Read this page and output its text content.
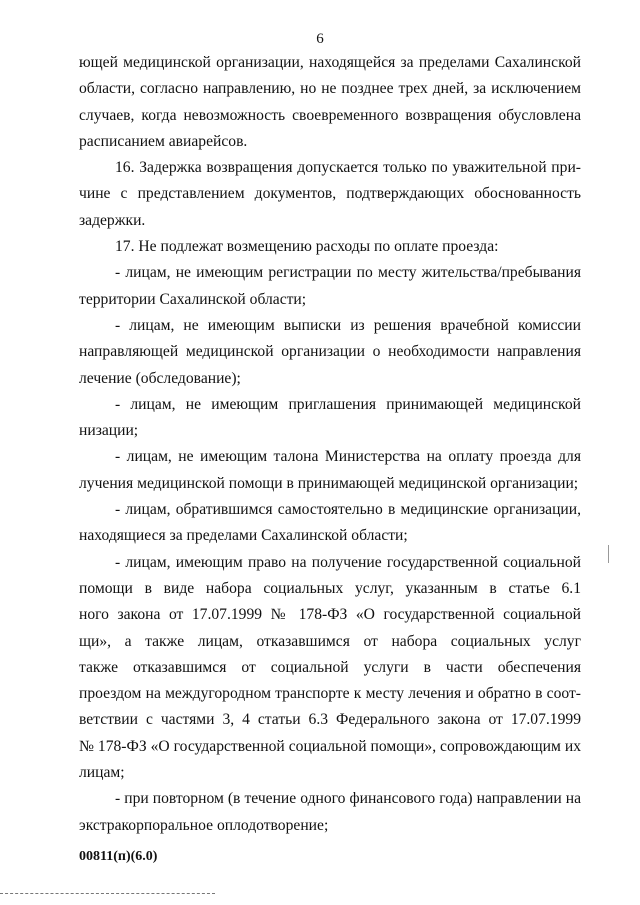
6
ющей медицинской организации, находящейся за пределами Сахалинской
области, согласно направлению, но не позднее трех дней, за исключением
случаев, когда невозможность своевременного возвращения обусловлена
расписанием авиарейсов.
16. Задержка возвращения допускается только по уважительной при-
чине с представлением документов, подтверждающих обоснованность
задержки.
17. Не подлежат возмещению расходы по оплате проезда:
- лицам, не имеющим регистрации по месту жительства/пребывания
территории Сахалинской области;
- лицам, не имеющим выписки из решения врачебной комиссии
направляющей медицинской организации о необходимости направления
лечение (обследование);
- лицам, не имеющим приглашения принимающей медицинской
низации;
- лицам, не имеющим талона Министерства на оплату проезда для
лучения медицинской помощи в принимающей медицинской организации;
- лицам, обратившимся самостоятельно в медицинские организации,
находящиеся за пределами Сахалинской области;
- лицам, имеющим право на получение государственной социальной
помощи в виде набора социальных услуг, указанным в статье 6.1
ного закона от 17.07.1999 № 178-ФЗ «О государственной социальной
щи», а также лицам, отказавшимся от набора социальных услуг
также отказавшимся от социальной услуги в части обеспечения
проездом на междугородном транспорте к месту лечения и обратно в соот-
ветствии с частями 3, 4 статьи 6.3 Федерального закона от 17.07.1999
№ 178-ФЗ «О государственной социальной помощи», сопровождающим их
лицам;
- при повторном (в течение одного финансового года) направлении на
экстракорпоральное оплодотворение;
00811(п)(6.0)
